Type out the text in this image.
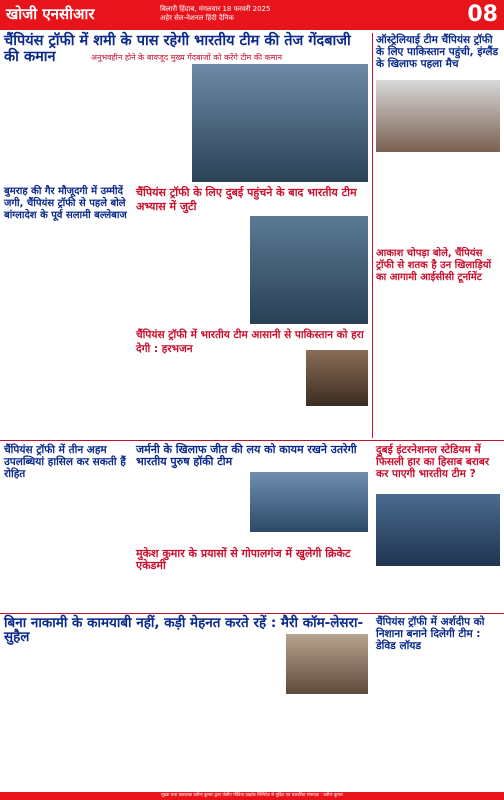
खोजी एनसीआर	बिलारी हिंदाब, मंगलवार 18 फरवरी 2025
अहेर सेल-नेशनल हिंदी दैनिक	08
चैंपियंस ट्रॉफी में शमी के पास रहेगी भारतीय टीम की तेज गेंदबाजी की कमान	अनुभवहीन होने के बावजूद मुख्य गेंदबाजों को करेंगे टीम की कमान
ऑस्ट्रेलियाई टीम चैंपियंस ट्रॉफी के लिए पाकिस्तान पहुंची, इंग्लैंड के खिलाफ पहला मैच
बुमराह की गैर मौजूदगी में उम्मीदें जगी, चैंपियंस ट्रॉफी से पहले बोले बांग्लादेश के पूर्व सलामी बल्लेबाज
चैंपियंस ट्रॉफी के लिए दुबई पहुंचने के बाद भारतीय टीम अभ्यास में जुटी
आकाश चोपड़ा बोले, चैंपियंस ट्रॉफी से शतक है उन खिलाड़ियों का आगामी आईसीसी टूर्नामेंट
चैंपियंस ट्रॉफी में भारतीय टीम आसानी से पाकिस्तान को हरा देगी : हरभजन
चैंपियंस ट्रॉफी में तीन अहम उपलब्धियां हासिल कर सकती हैं रोहित
जर्मनी के खिलाफ जीत की लय को कायम रखने उतरेगी भारतीय पुरुष हॉकी टीम
दुबई इंटरनेशनल स्टेडियम में फिसली हार का हिसाब बराबर कर पाएगी भारतीय टीम ?
मुकेश कुमार के प्रयासों से गोपालगंज में खुलेगी क्रिकेट एकेडमी
बिना नाकामी के कामयाबी नहीं, कड़ी मेहनत करते रहें : मैरी कॉम-लेसरा-सुहैल
चैंपियंस ट्रॉफी में अर्शदीप को निशाना बनाने दिलेगी टीम : डेविड लॉयड
मुद्रक तथा प्रकाशक प्रवीण कुमार द्वारा जेबीए मीडिया प्राइवेट लिमिटेड से मुद्रित एवं प्रकाशित संपादक : प्रवीण कुमार
